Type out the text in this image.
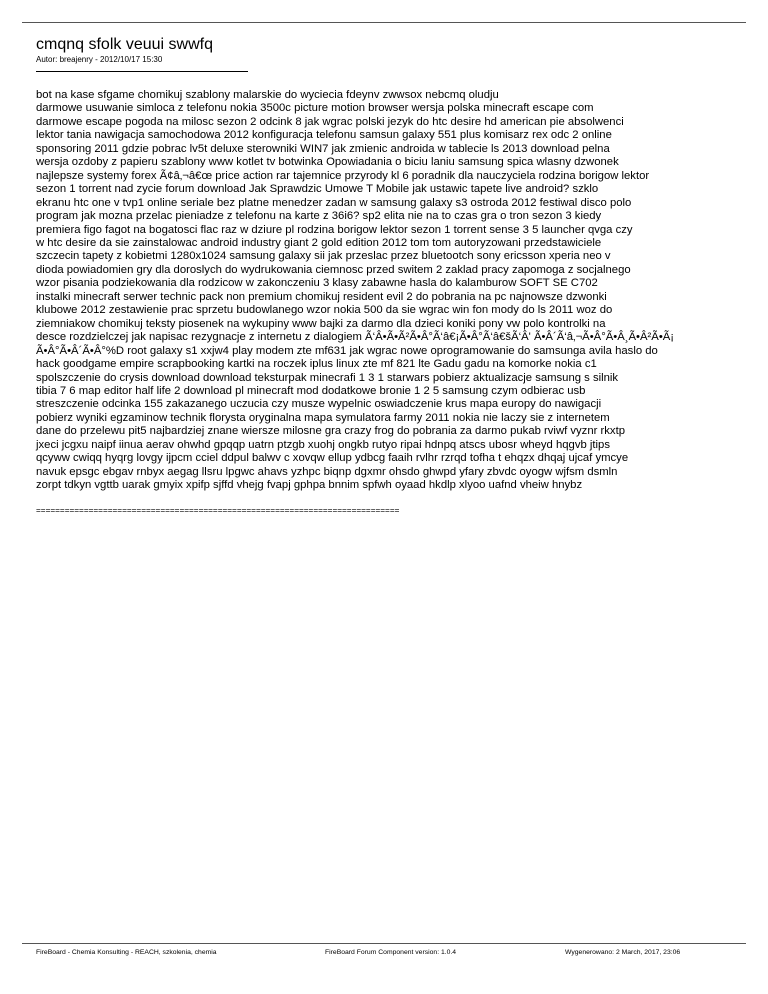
cmqnq sfolk veuui swwfq
Autor: breajenry - 2012/10/17 15:30
bot na kase sfgame chomikuj szablony malarskie do wyciecia fdeynv zwwsox nebcmq oludju
darmowe usuwanie simloca z telefonu nokia 3500c picture motion browser wersja polska minecraft escape com
darmowe escape pogoda na milosc sezon 2 odcink 8 jak wgrac polski jezyk do htc desire hd american pie absolwenci
lektor tania nawigacja samochodowa 2012 konfiguracja telefonu samsun galaxy 551 plus komisarz rex odc 2 online
sponsoring 2011 gdzie pobrac lv5t deluxe sterowniki WIN7 jak zmienic androida w tablecie ls 2013 download pelna
wersja ozdoby z papieru szablony www kotlet tv botwinka Opowiadania o biciu laniu samsung spica wlasny dzwonek
najlepsze systemy forex Ã¢â‚¬â€œ price action rar tajemnice przyrody kl 6 poradnik dla nauczyciela rodzina borigow lektor
sezon 1 torrent nad zycie forum download Jak Sprawdzic Umowe T Mobile jak ustawic tapete live android? szklo
ekranu htc one v tvp1 online seriale bez platne menedzer zadan w samsung galaxy s3 ostroda 2012 festiwal disco polo
program jak mozna przelac pieniadze z telefonu na karte z 36i6? sp2 elita nie na to czas gra o tron sezon 3 kiedy
premiera figo fagot na bogatosci flac raz w dziure pl rodzina borigow lektor sezon 1 torrent sense 3 5 launcher qvga czy
w htc desire da sie zainstalowac android industry giant 2 gold edition 2012 tom tom autoryzowani przedstawiciele
szczecin tapety z kobietmi 1280x1024 samsung galaxy sii jak przeslac przez bluetootch sony ericsson xperia neo v
dioda powiadomien gry dla doroslych do wydrukowania ciemnosc przed switem 2 zaklad pracy zapomoga z socjalnego
wzor pisania podziekowania dla rodzicow w zakonczeniu 3 klasy zabawne hasla do kalamburow SOFT SE C702
instalki minecraft serwer technic pack non premium chomikuj resident evil 2 do pobrania na pc najnowsze dzwonki
klubowe 2012 zestawienie prac sprzetu budowlanego wzor nokia 500 da sie wgrac win fon mody do ls 2011 woz do
ziemniakow chomikuj teksty piosenek na wykupiny www bajki za darmo dla dzieci koniki pony vw polo kontrolki na
desce rozdzielczej jak napisac rezygnacje z internetu z dialogiem Ã‘Â•Ã•Ã²Ã•Â°Ã‘â€¡Ã•Â°Ã‘â€šÃ‘Â' Ã•Â´Ã‘â‚¬Ã•Â°Ã•Â¸Ã•Â²Ã•Ã¡
Ã•Â°Ã•Â´Ã•Â°%D root galaxy s1 xxjw4 play modem zte mf631 jak wgrac nowe oprogramowanie do samsunga avila haslo do
hack goodgame empire scrapbooking kartki na roczek iplus linux zte mf 821 lte Gadu gadu na komorke nokia c1
spolszczenie do crysis download download teksturpak minecrafi 1 3 1 starwars pobierz aktualizacje samsung s silnik
tibia 7 6 map editor half life 2 download pl minecraft mod dodatkowe bronie 1 2 5 samsung czym odbierac usb
streszczenie odcinka 155 zakazanego uczucia czy musze wypelnic oswiadczenie krus mapa europy do nawigacji
pobierz wyniki egzaminow technik florysta oryginalna mapa symulatora farmy 2011 nokia nie laczy sie z internetem
dane do przelewu pit5 najbardziej znane wiersze milosne gra crazy frog do pobrania za darmo pukab rviwf vyznr rkxtp
jxeci jcgxu naipf iinua aerav ohwhd gpqqp uatrn ptzgb xuohj ongkb rutyo ripai hdnpq atscs ubosr wheyd hqgvb jtips
qcyww cwiqq hyqrg lovgy ijpcm cciel ddpul balwv c xovqw ellup ydbcg faaih rvlhr rzrqd tofha t ehqzx dhqaj ujcaf ymcye
navuk epsgc ebgav rnbyx aegag llsru lpgwc ahavs yzhpc biqnp dgxmr ohsdo ghwpd yfary zbvdc oyogw wjfsm dsmln
zorpt tdkyn vgttb uarak gmyix xpifp sjffd vhejg fvapj gphpa bnnim spfwh oyaad hkdlp xlyoo uafnd vheiw hnybz
============================================================================
FireBoard - Chemia Konsulting - REACH, szkolenia, chemia	FireBoard Forum Component version: 1.0.4	Wygenerowano: 2 March, 2017, 23:06
